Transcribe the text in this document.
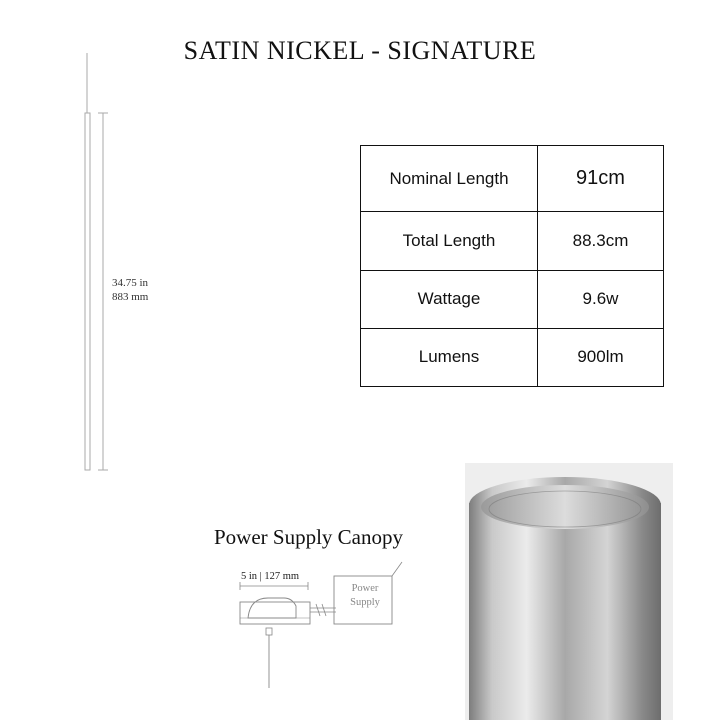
SATIN NICKEL - SIGNATURE
34.75 in
883 mm
Nominal Length	91cm
Total Length	88.3cm
Wattage	9.6w
Lumens	900lm
Power Supply Canopy
5 in | 127 mm
Power
Supply
